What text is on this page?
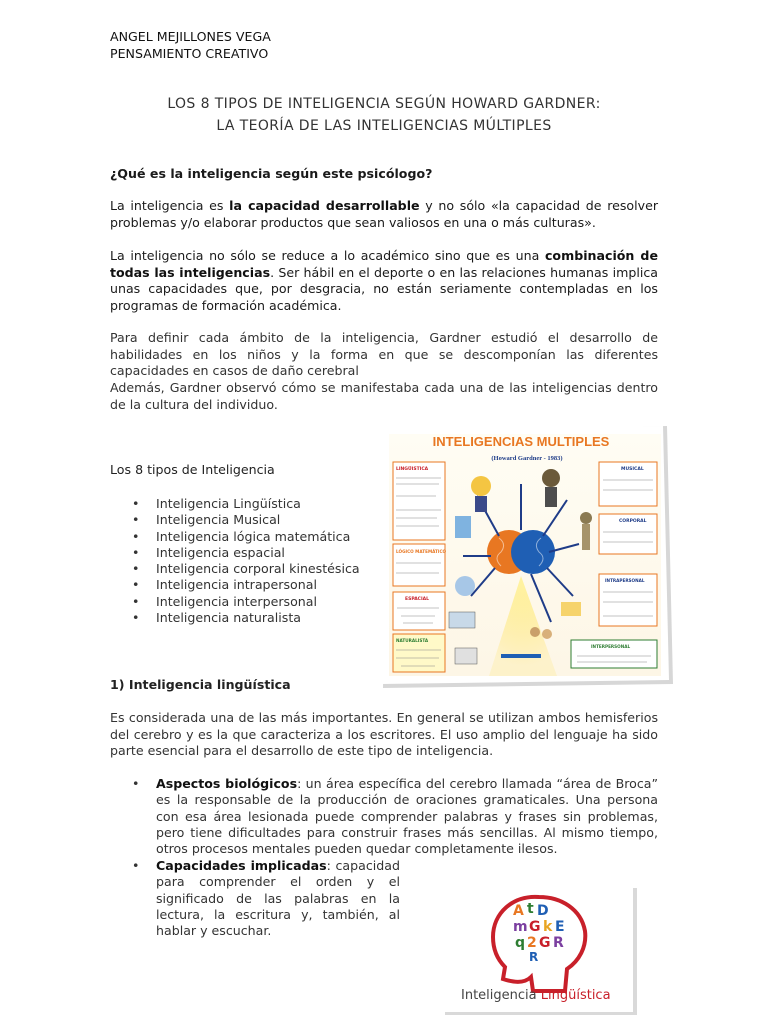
ANGEL MEJILLONES VEGA
PENSAMIENTO CREATIVO
LOS 8 TIPOS DE INTELIGENCIA SEGÚN HOWARD GARDNER:
LA TEORÍA DE LAS INTELIGENCIAS MÚLTIPLES
¿Qué es la inteligencia según este psicólogo?
La inteligencia es la capacidad desarrollable y no sólo «la capacidad de resolver problemas y/o elaborar productos que sean valiosos en una o más culturas».
La inteligencia no sólo se reduce a lo académico sino que es una combinación de todas las inteligencias. Ser hábil en el deporte o en las relaciones humanas implica unas capacidades que, por desgracia, no están seriamente contempladas en los programas de formación académica.
Para definir cada ámbito de la inteligencia, Gardner estudió el desarrollo de habilidades en los niños y la forma en que se descomponían las diferentes capacidades en casos de daño cerebral
Además, Gardner observó cómo se manifestaba cada una de las inteligencias dentro de la cultura del individuo.
Los 8 tipos de Inteligencia
• Inteligencia Lingüística
• Inteligencia Musical
• Inteligencia lógica matemática
• Inteligencia espacial
• Inteligencia corporal kinestésica
• Inteligencia intrapersonal
• Inteligencia interpersonal
• Inteligencia naturalista
INTELIGENCIAS MULTIPLES
(Howard Gardner - 1983)
LINGÜISTICA
LÓGICO MATEMÁTICO
ESPACIAL
NATURALISTA
MUSICAL
CORPORAL
INTRAPERSONAL
INTERPERSONAL
1) Inteligencia lingüística
Es considerada una de las más importantes. En general se utilizan ambos hemisferios del cerebro y es la que caracteriza a los escritores. El uso amplio del lenguaje ha sido parte esencial para el desarrollo de este tipo de inteligencia.
• Aspectos biológicos: un área específica del cerebro llamada “área de Broca” es la responsable de la producción de oraciones gramaticales. Una persona con esa área lesionada puede comprender palabras y frases sin problemas, pero tiene dificultades para construir frases más sencillas. Al mismo tiempo, otros procesos mentales pueden quedar completamente ilesos.
• Capacidades implicadas: capacidad para comprender el orden y el significado de las palabras en la lectura, la escritura y, también, al hablar y escuchar.
A t D
m G k E
q 2 G R
R
Inteligencia Lingüística
